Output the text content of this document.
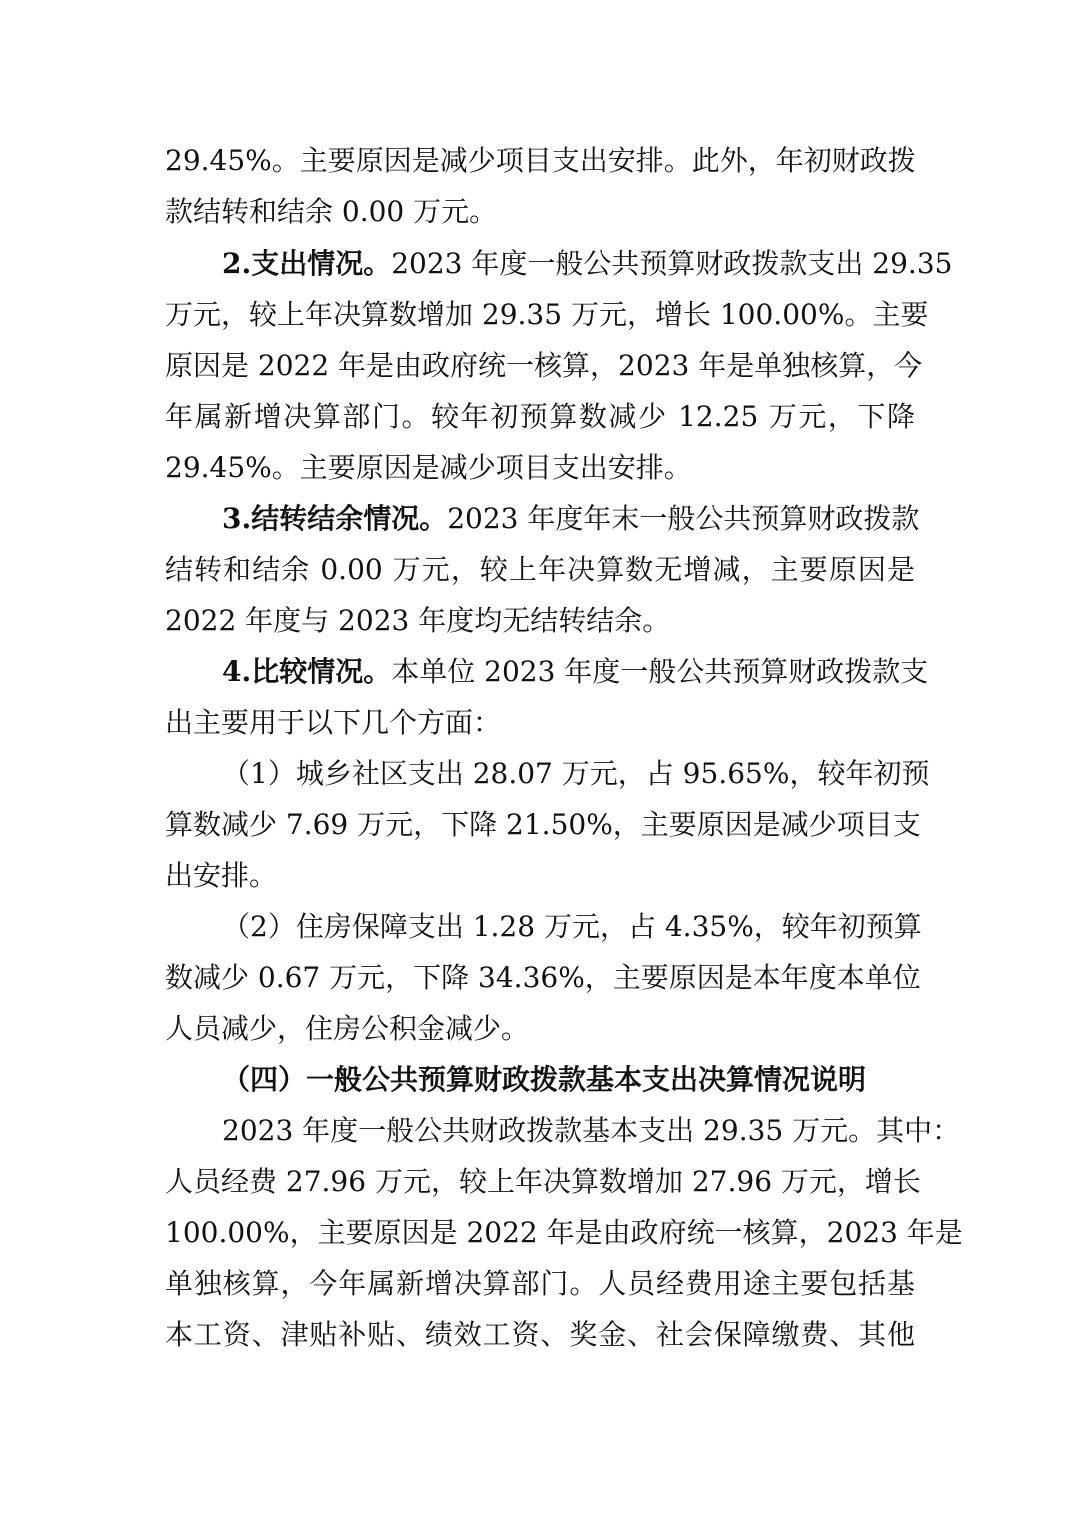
29.45%。主要原因是减少项目支出安排。此外，年初财政拨
款结转和结余 0.00 万元。
2.支出情况。2023 年度一般公共预算财政拨款支出 29.35
万元，较上年决算数增加 29.35 万元，增长 100.00%。主要
原因是 2022 年是由政府统一核算，2023 年是单独核算，今
年属新增决算部门。较年初预算数减少 12.25 万元，下降
29.45%。主要原因是减少项目支出安排。
3.结转结余情况。2023 年度年末一般公共预算财政拨款
结转和结余 0.00 万元，较上年决算数无增减，主要原因是
2022 年度与 2023 年度均无结转结余。
4.比较情况。本单位 2023 年度一般公共预算财政拨款支
出主要用于以下几个方面：
（1）城乡社区支出 28.07 万元，占 95.65%，较年初预
算数减少 7.69 万元，下降 21.50%，主要原因是减少项目支
出安排。
（2）住房保障支出 1.28 万元，占 4.35%，较年初预算
数减少 0.67 万元，下降 34.36%，主要原因是本年度本单位
人员减少，住房公积金减少。
（四）一般公共预算财政拨款基本支出决算情况说明
2023 年度一般公共财政拨款基本支出 29.35 万元。其中：
人员经费 27.96 万元，较上年决算数增加 27.96 万元，增长
100.00%，主要原因是 2022 年是由政府统一核算，2023 年是
单独核算，今年属新增决算部门。人员经费用途主要包括基
本工资、津贴补贴、绩效工资、奖金、社会保障缴费、其他
